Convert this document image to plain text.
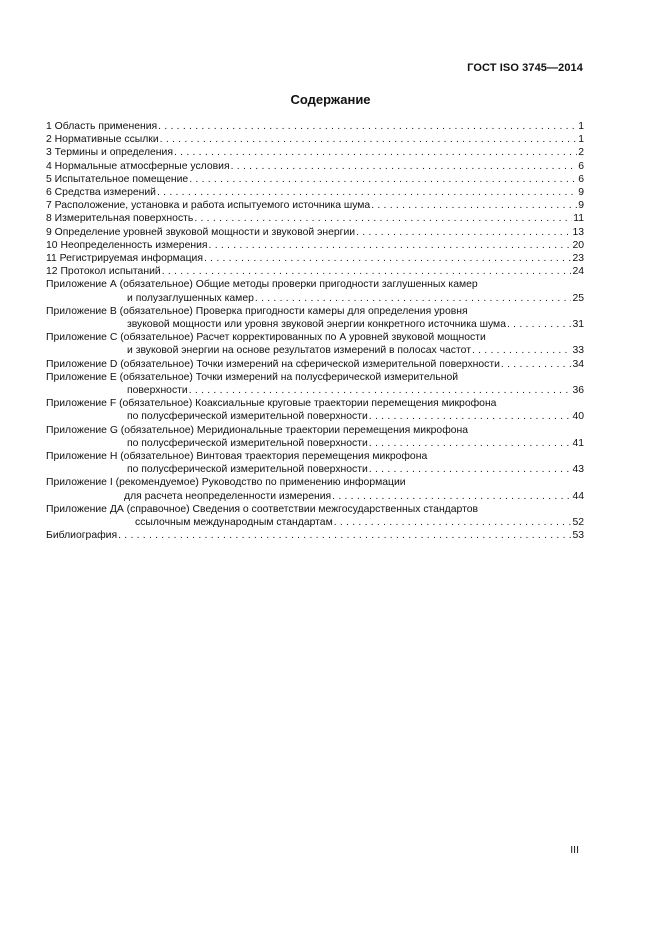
ГОСТ ISO 3745—2014
Содержание
1 Область применения . . .	1
2 Нормативные ссылки . . .	1
3 Термины и определения . . .	2
4 Нормальные атмосферные условия . . .	6
5 Испытательное помещение . . .	6
6 Средства измерений . . .	9
7 Расположение, установка и работа испытуемого источника шума . . .	9
8 Измерительная поверхность . . .	11
9 Определение уровней звуковой мощности и звуковой энергии . . .	13
10 Неопределенность измерения . . .	20
11 Регистрируемая информация . . .	23
12 Протокол испытаний . . .	24
Приложение А (обязательное) Общие методы проверки пригодности заглушенных камер
и полузаглушенных камер . . .	25
Приложение В (обязательное) Проверка пригодности камеры для определения уровня
звуковой мощности или уровня звуковой энергии конкретного источника шума . . .	31
Приложение С (обязательное) Расчет корректированных по А уровней звуковой мощности
и звуковой энергии на основе результатов измерений в полосах частот . . .	33
Приложение D (обязательное) Точки измерений на сферической измерительной поверхности . . .	34
Приложение Е (обязательное) Точки измерений на полусферической измерительной
поверхности . . .	36
Приложение F (обязательное) Коаксиальные круговые траектории перемещения микрофона
по полусферической измерительной поверхности . . .	40
Приложение G (обязательное) Меридиональные траектории перемещения микрофона
по полусферической измерительной поверхности . . .	41
Приложение Н (обязательное) Винтовая траектория перемещения микрофона
по полусферической измерительной поверхности . . .	43
Приложение I (рекомендуемое) Руководство по применению информации
для расчета неопределенности измерения . . .	44
Приложение ДА (справочное) Сведения о соответствии межгосударственных стандартов
ссылочным международным стандартам . . .	52
Библиография . . .	53
III
